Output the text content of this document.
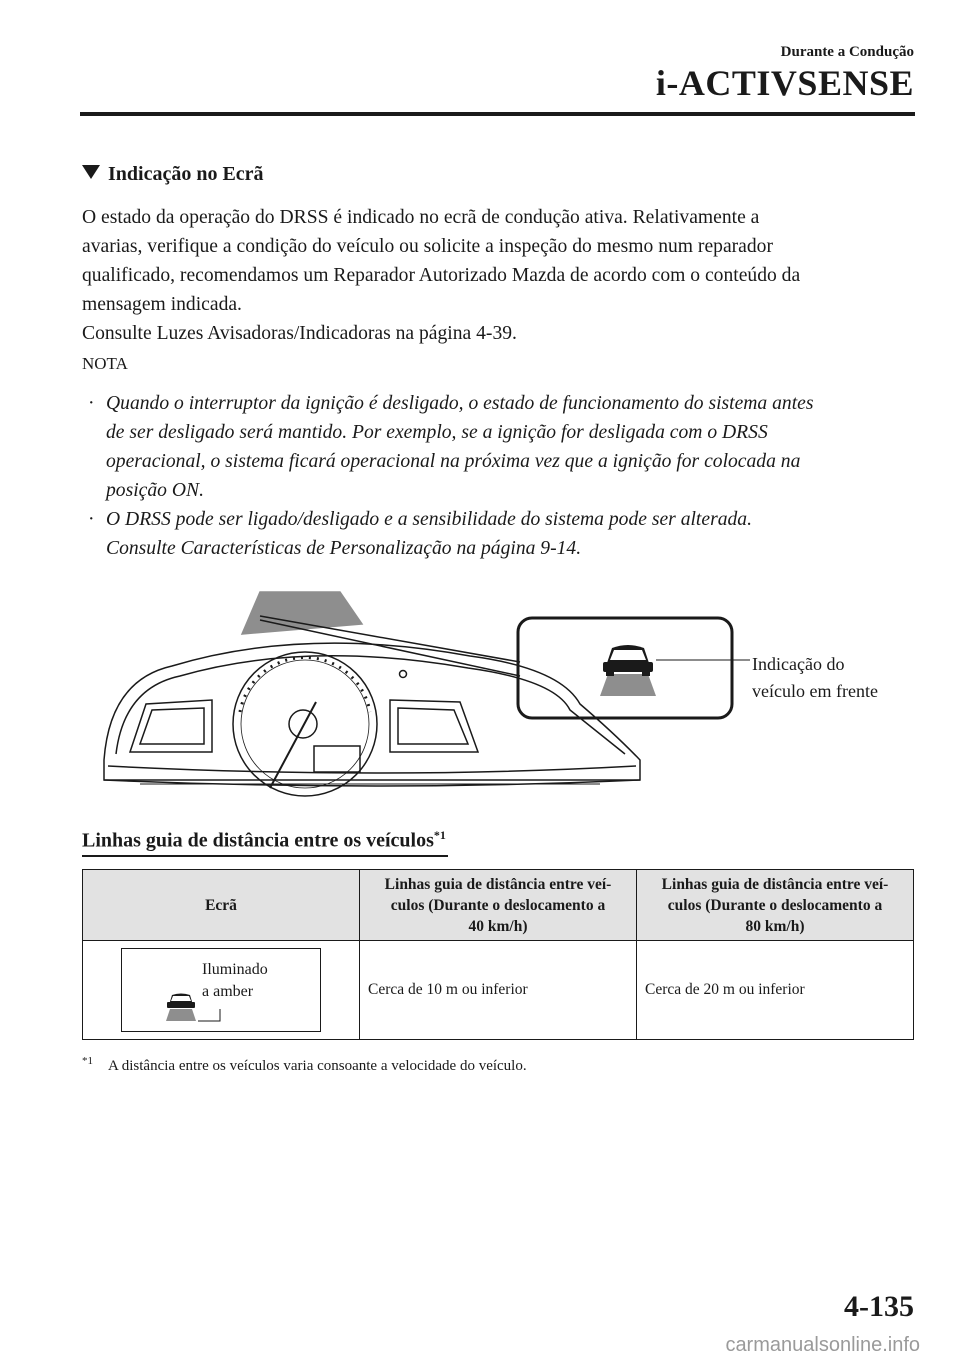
Durante a Condução
i-ACTIVSENSE
Indicação no Ecrã
O estado da operação do DRSS é indicado no ecrã de condução ativa. Relativamente a
avarias, verifique a condição do veículo ou solicite a inspeção do mesmo num reparador
qualificado, recomendamos um Reparador Autorizado Mazda de acordo com o conteúdo da
mensagem indicada.
Consulte Luzes Avisadoras/Indicadoras na página 4-39.
NOTA
· Quando o interruptor da ignição é desligado, o estado de funcionamento do sistema antes
de ser desligado será mantido. Por exemplo, se a ignição for desligada com o DRSS
operacional, o sistema ficará operacional na próxima vez que a ignição for colocada na
posição ON.
· O DRSS pode ser ligado/desligado e a sensibilidade do sistema pode ser alterada.
Consulte Características de Personalização na página 9-14.
Indicação do
veículo em frente
Linhas guia de distância entre os veículos$^{*1}$
Ecrã	Linhas guia de distância entre veí-
culos (Durante o deslocamento a
40 km/h)	Linhas guia de distância entre veí-
culos (Durante o deslocamento a
80 km/h)

Iluminado
a amber	Cerca de 10 m ou inferior	Cerca de 20 m ou inferior
$^{*1}$ A distância entre os veículos varia consoante a velocidade do veículo.
4-135
carmanualsonline.info
